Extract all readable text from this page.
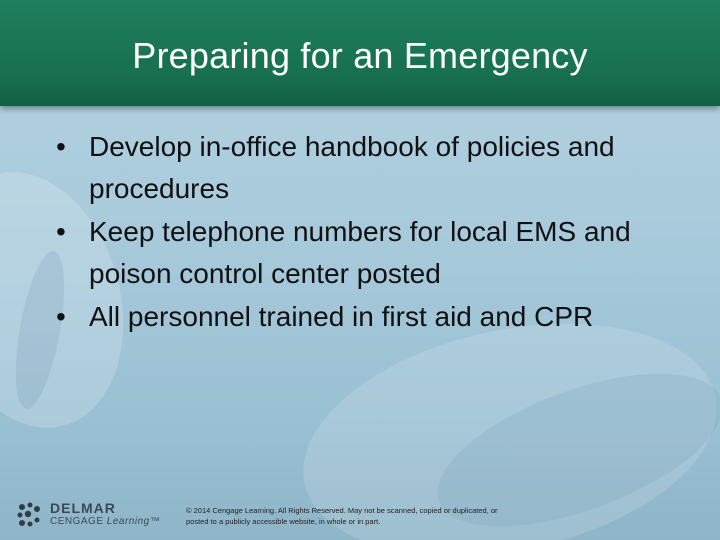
Preparing for an Emergency
• Develop in-office handbook of policies and procedures
• Keep telephone numbers for local EMS and poison control center posted
• All personnel trained in first aid and CPR
DELMAR
CENGAGE Learning™
© 2014 Cengage Learning. All Rights Reserved. May not be scanned, copied or duplicated, or posted to a publicly accessible website, in whole or in part.
